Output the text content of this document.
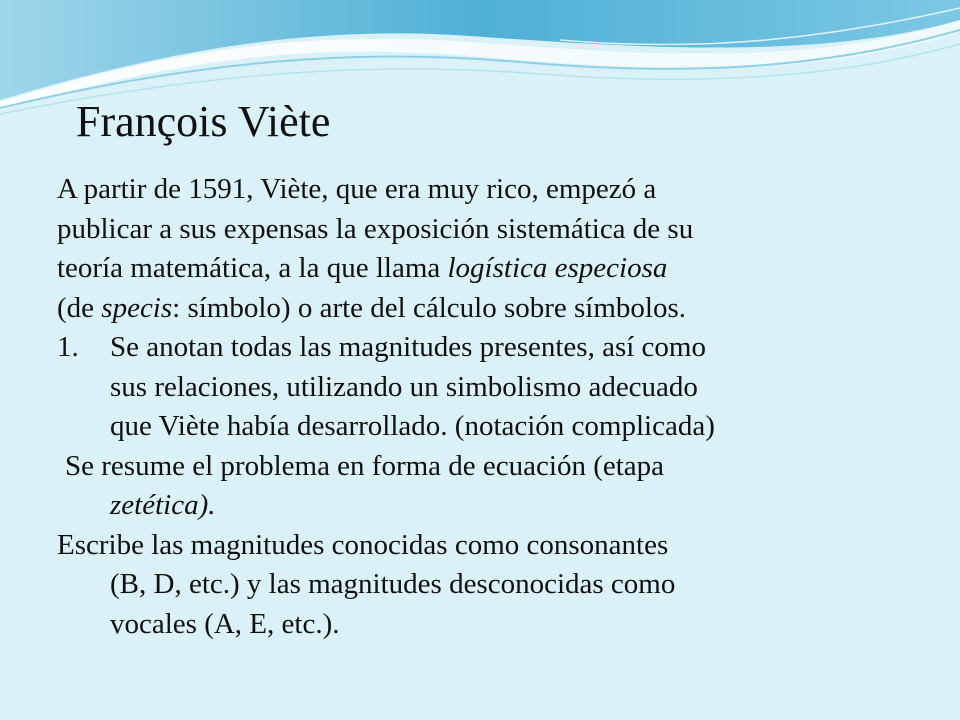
François Viète

A partir de 1591, Viète, que era muy rico, empezó a
publicar a sus expensas la exposición sistemática de su
teoría matemática, a la que llama logística especiosa
(de specis: símbolo) o arte del cálculo sobre símbolos.

1.	Se anotan todas las magnitudes presentes, así como
sus relaciones, utilizando un simbolismo adecuado
que Viète había desarrollado. (notación complicada)

Se resume el problema en forma de ecuación (etapa
zetética).

Escribe las magnitudes conocidas como consonantes
(B, D, etc.) y las magnitudes desconocidas como
vocales (A, E, etc.).
